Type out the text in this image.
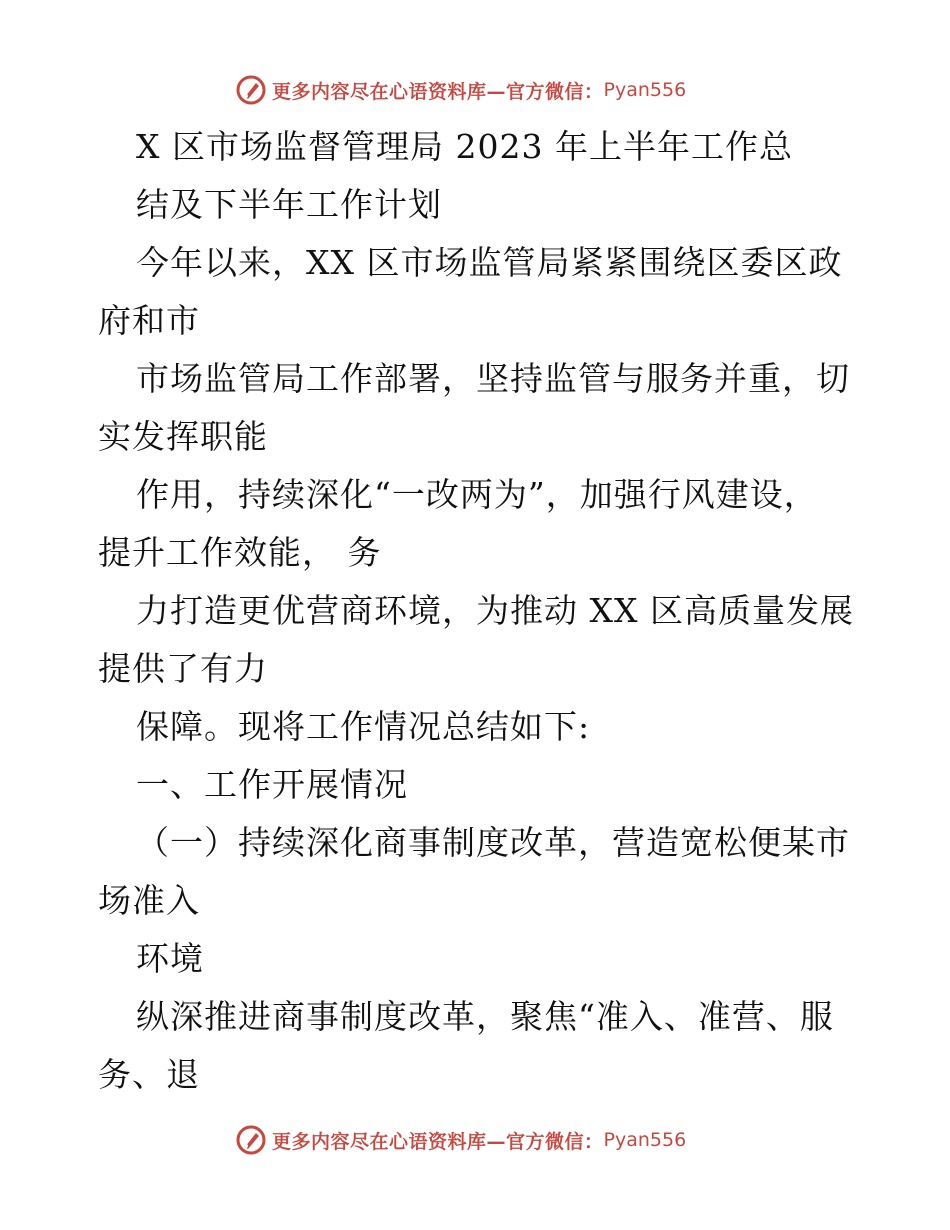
更多内容尽在心语资料库—官方微信： Pyan556
X 区市场监督管理局 2023 年上半年工作总
结及下半年工作计划
今年以来，XX 区市场监管局紧紧围绕区委区政
府和市
市场监管局工作部署，坚持监管与服务并重，切
实发挥职能
作用，持续深化“一改两为”，加强行风建设，
提升工作效能， 务
力打造更优营商环境，为推动 XX 区高质量发展
提供了有力
保障。现将工作情况总结如下:
一、工作开展情况
（一）持续深化商事制度改革，营造宽松便某市
场准入
环境
纵深推进商事制度改革，聚焦“准入、准营、服
务、退
更多内容尽在心语资料库—官方微信： Pyan556
